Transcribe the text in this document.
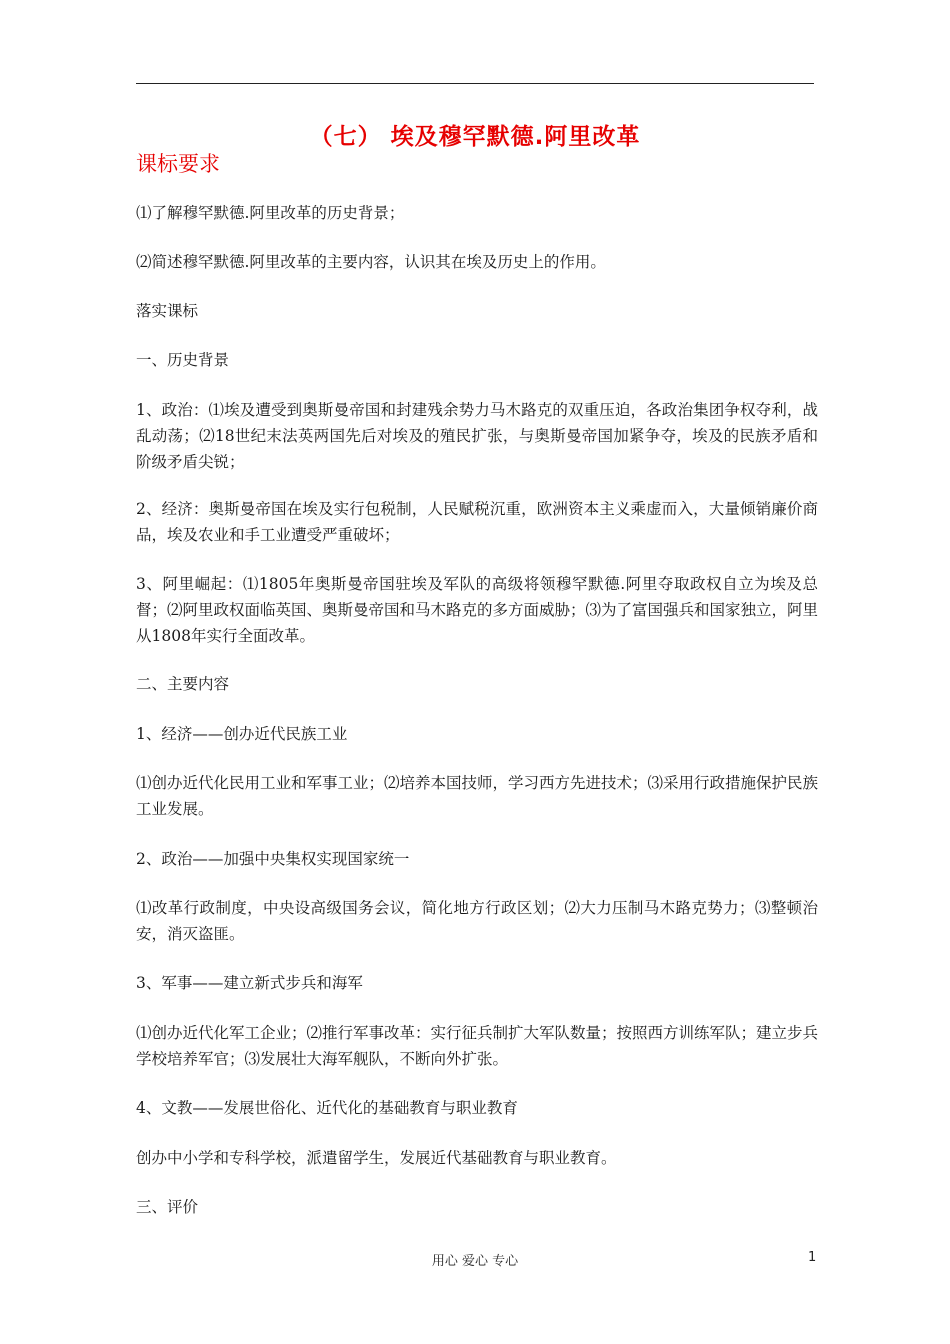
（七） 埃及穆罕默德.阿里改革
课标要求
⑴了解穆罕默德.阿里改革的历史背景；
⑵简述穆罕默德.阿里改革的主要内容，认识其在埃及历史上的作用。
落实课标
一、历史背景
1、政治：⑴埃及遭受到奥斯曼帝国和封建残余势力马木路克的双重压迫，各政治集团争权夺利，战乱动荡；⑵18世纪末法英两国先后对埃及的殖民扩张，与奥斯曼帝国加紧争夺，埃及的民族矛盾和阶级矛盾尖锐；
2、经济：奥斯曼帝国在埃及实行包税制，人民赋税沉重，欧洲资本主义乘虚而入，大量倾销廉价商品，埃及农业和手工业遭受严重破坏；
3、阿里崛起：⑴1805年奥斯曼帝国驻埃及军队的高级将领穆罕默德.阿里夺取政权自立为埃及总督；⑵阿里政权面临英国、奥斯曼帝国和马木路克的多方面威胁；⑶为了富国强兵和国家独立，阿里从1808年实行全面改革。
二、主要内容
1、经济——创办近代民族工业
⑴创办近代化民用工业和军事工业；⑵培养本国技师，学习西方先进技术；⑶采用行政措施保护民族工业发展。
2、政治——加强中央集权实现国家统一
⑴改革行政制度，中央设高级国务会议，简化地方行政区划；⑵大力压制马木路克势力；⑶整顿治安，消灭盗匪。
3、军事——建立新式步兵和海军
⑴创办近代化军工企业；⑵推行军事改革：实行征兵制扩大军队数量；按照西方训练军队；建立步兵学校培养军官；⑶发展壮大海军舰队，不断向外扩张。
4、文教——发展世俗化、近代化的基础教育与职业教育
创办中小学和专科学校，派遣留学生，发展近代基础教育与职业教育。
三、评价
用心 爱心 专心	1
